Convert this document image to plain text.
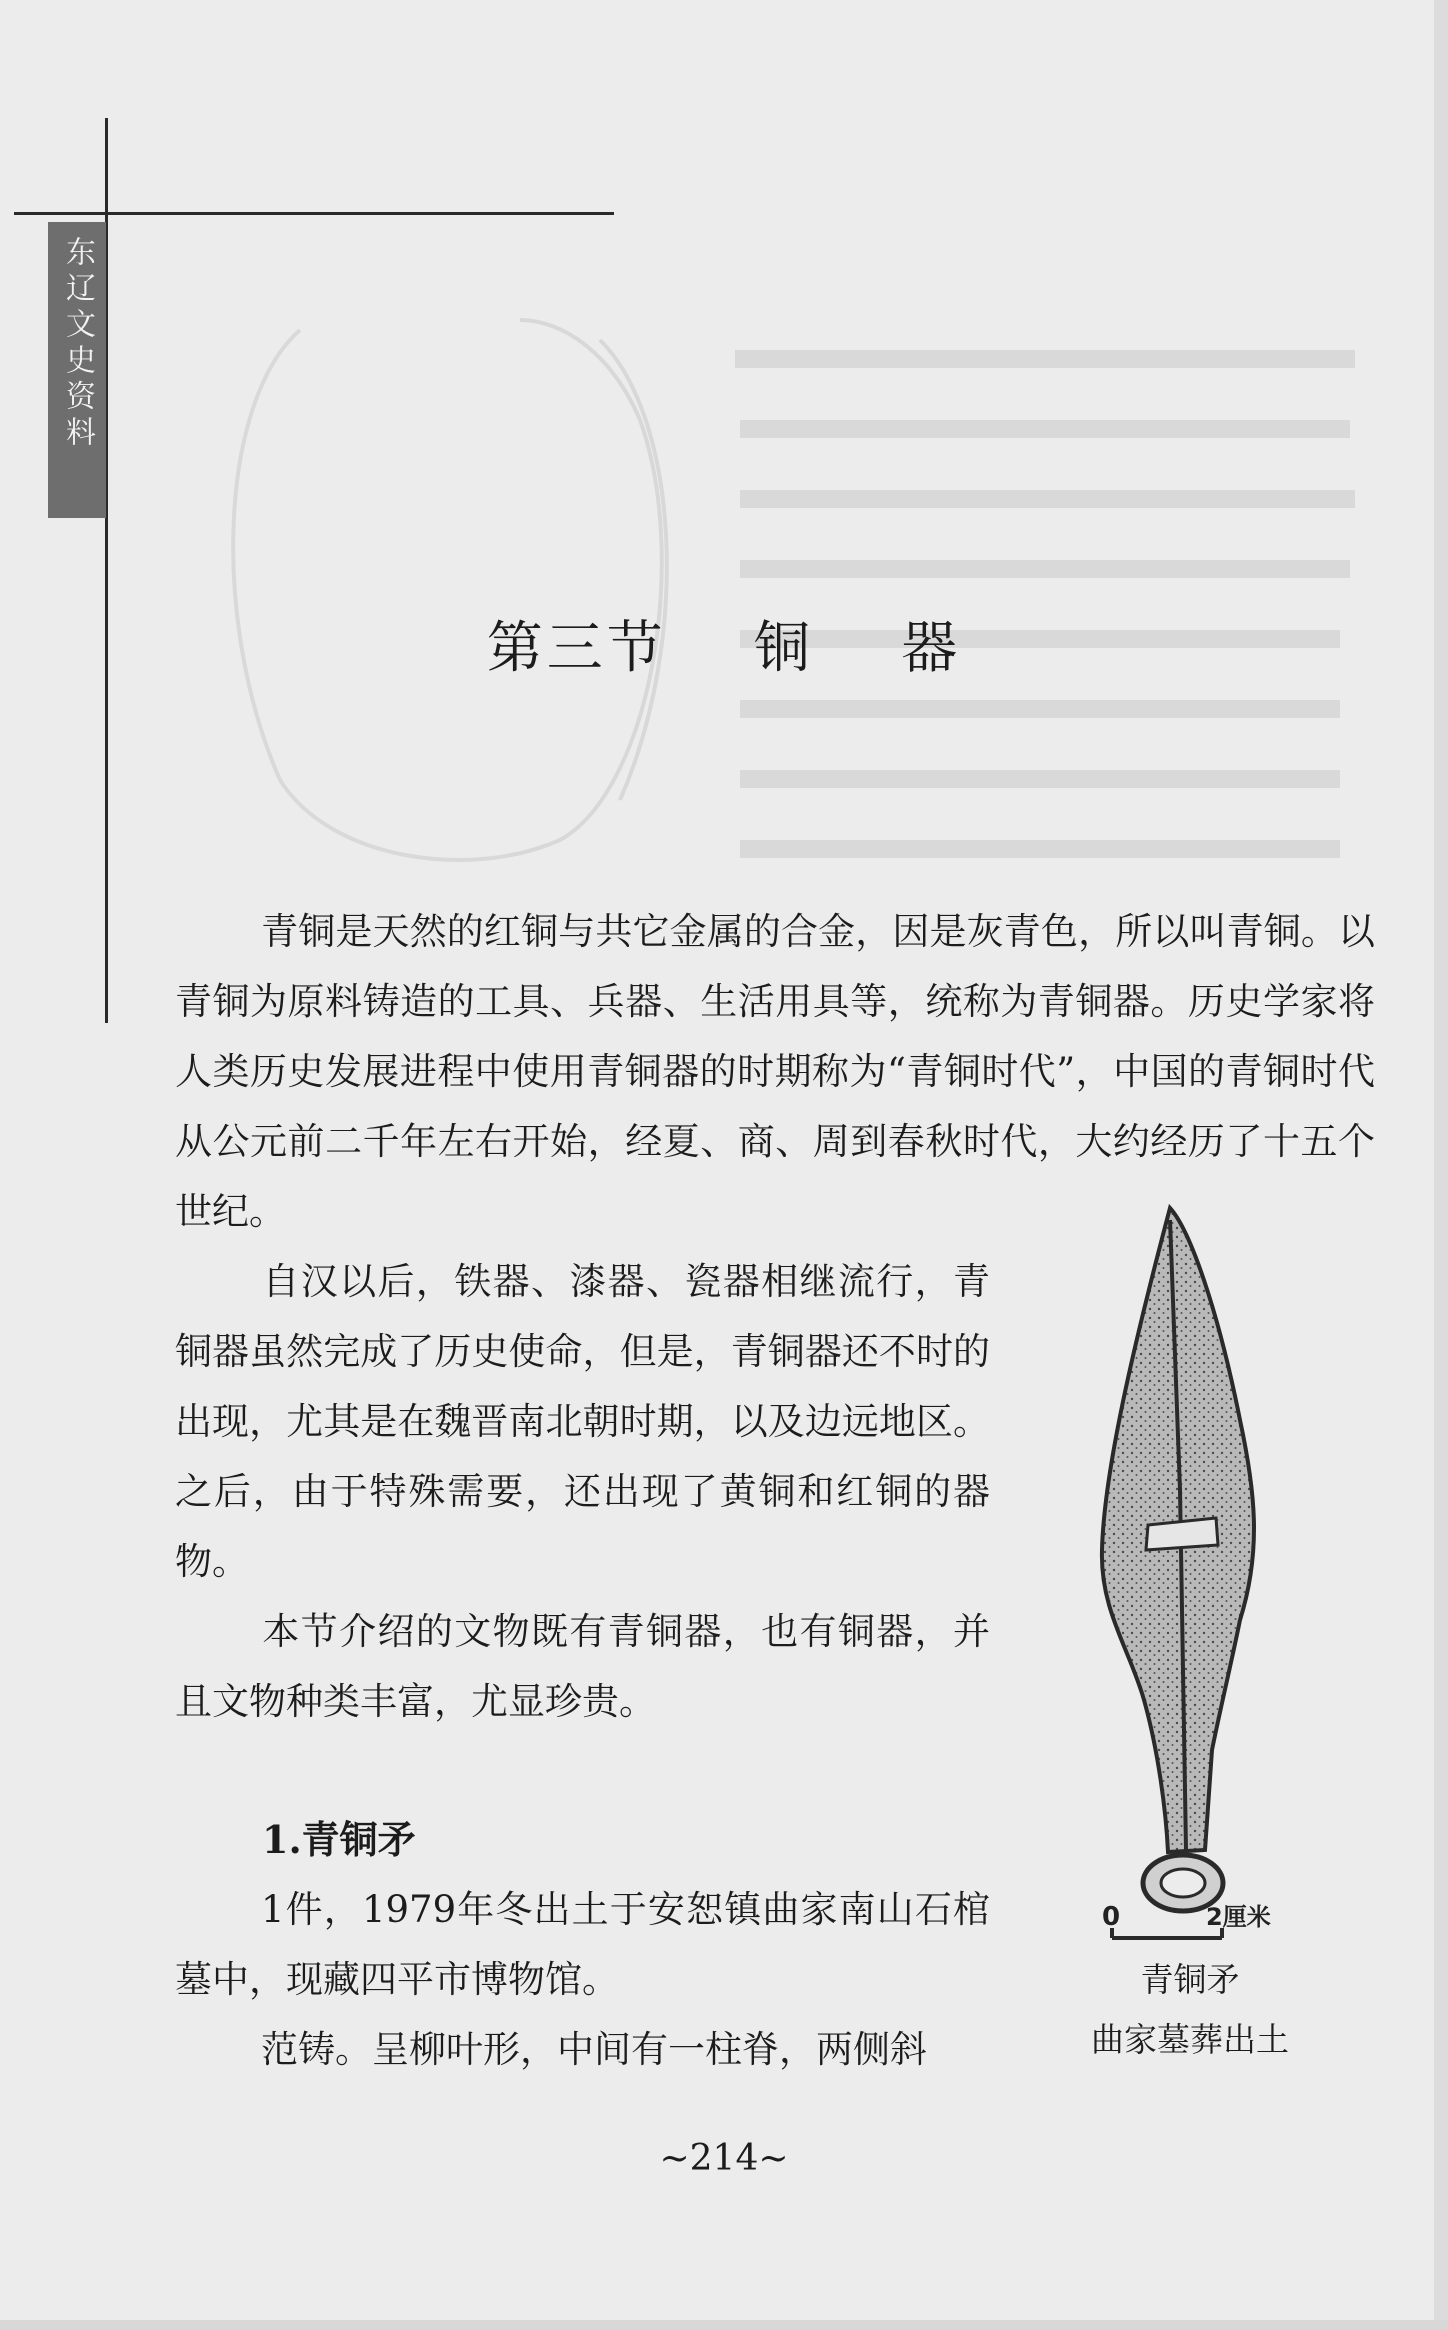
东辽文史资料
第三节    铜    器

青铜是天然的红铜与共它金属的合金，因是灰青色，所以叫青铜。以青铜为原料铸造的工具、兵器、生活用具等，统称为青铜器。历史学家将人类历史发展进程中使用青铜器的时期称为“青铜时代”，中国的青铜时代从公元前二千年左右开始，经夏、商、周到春秋时代，大约经历了十五个世纪。

自汉以后，铁器、漆器、瓷器相继流行，青铜器虽然完成了历史使命，但是，青铜器还不时的出现，尤其是在魏晋南北朝时期，以及边远地区。之后，由于特殊需要，还出现了黄铜和红铜的器物。

本节介绍的文物既有青铜器，也有铜器，并且文物种类丰富，尤显珍贵。

1.青铜矛

1件，1979年冬出土于安恕镇曲家南山石棺墓中，现藏四平市博物馆。

范铸。呈柳叶形，中间有一柱脊，两侧斜

0	2厘米
青铜矛
曲家墓葬出土
~214~
